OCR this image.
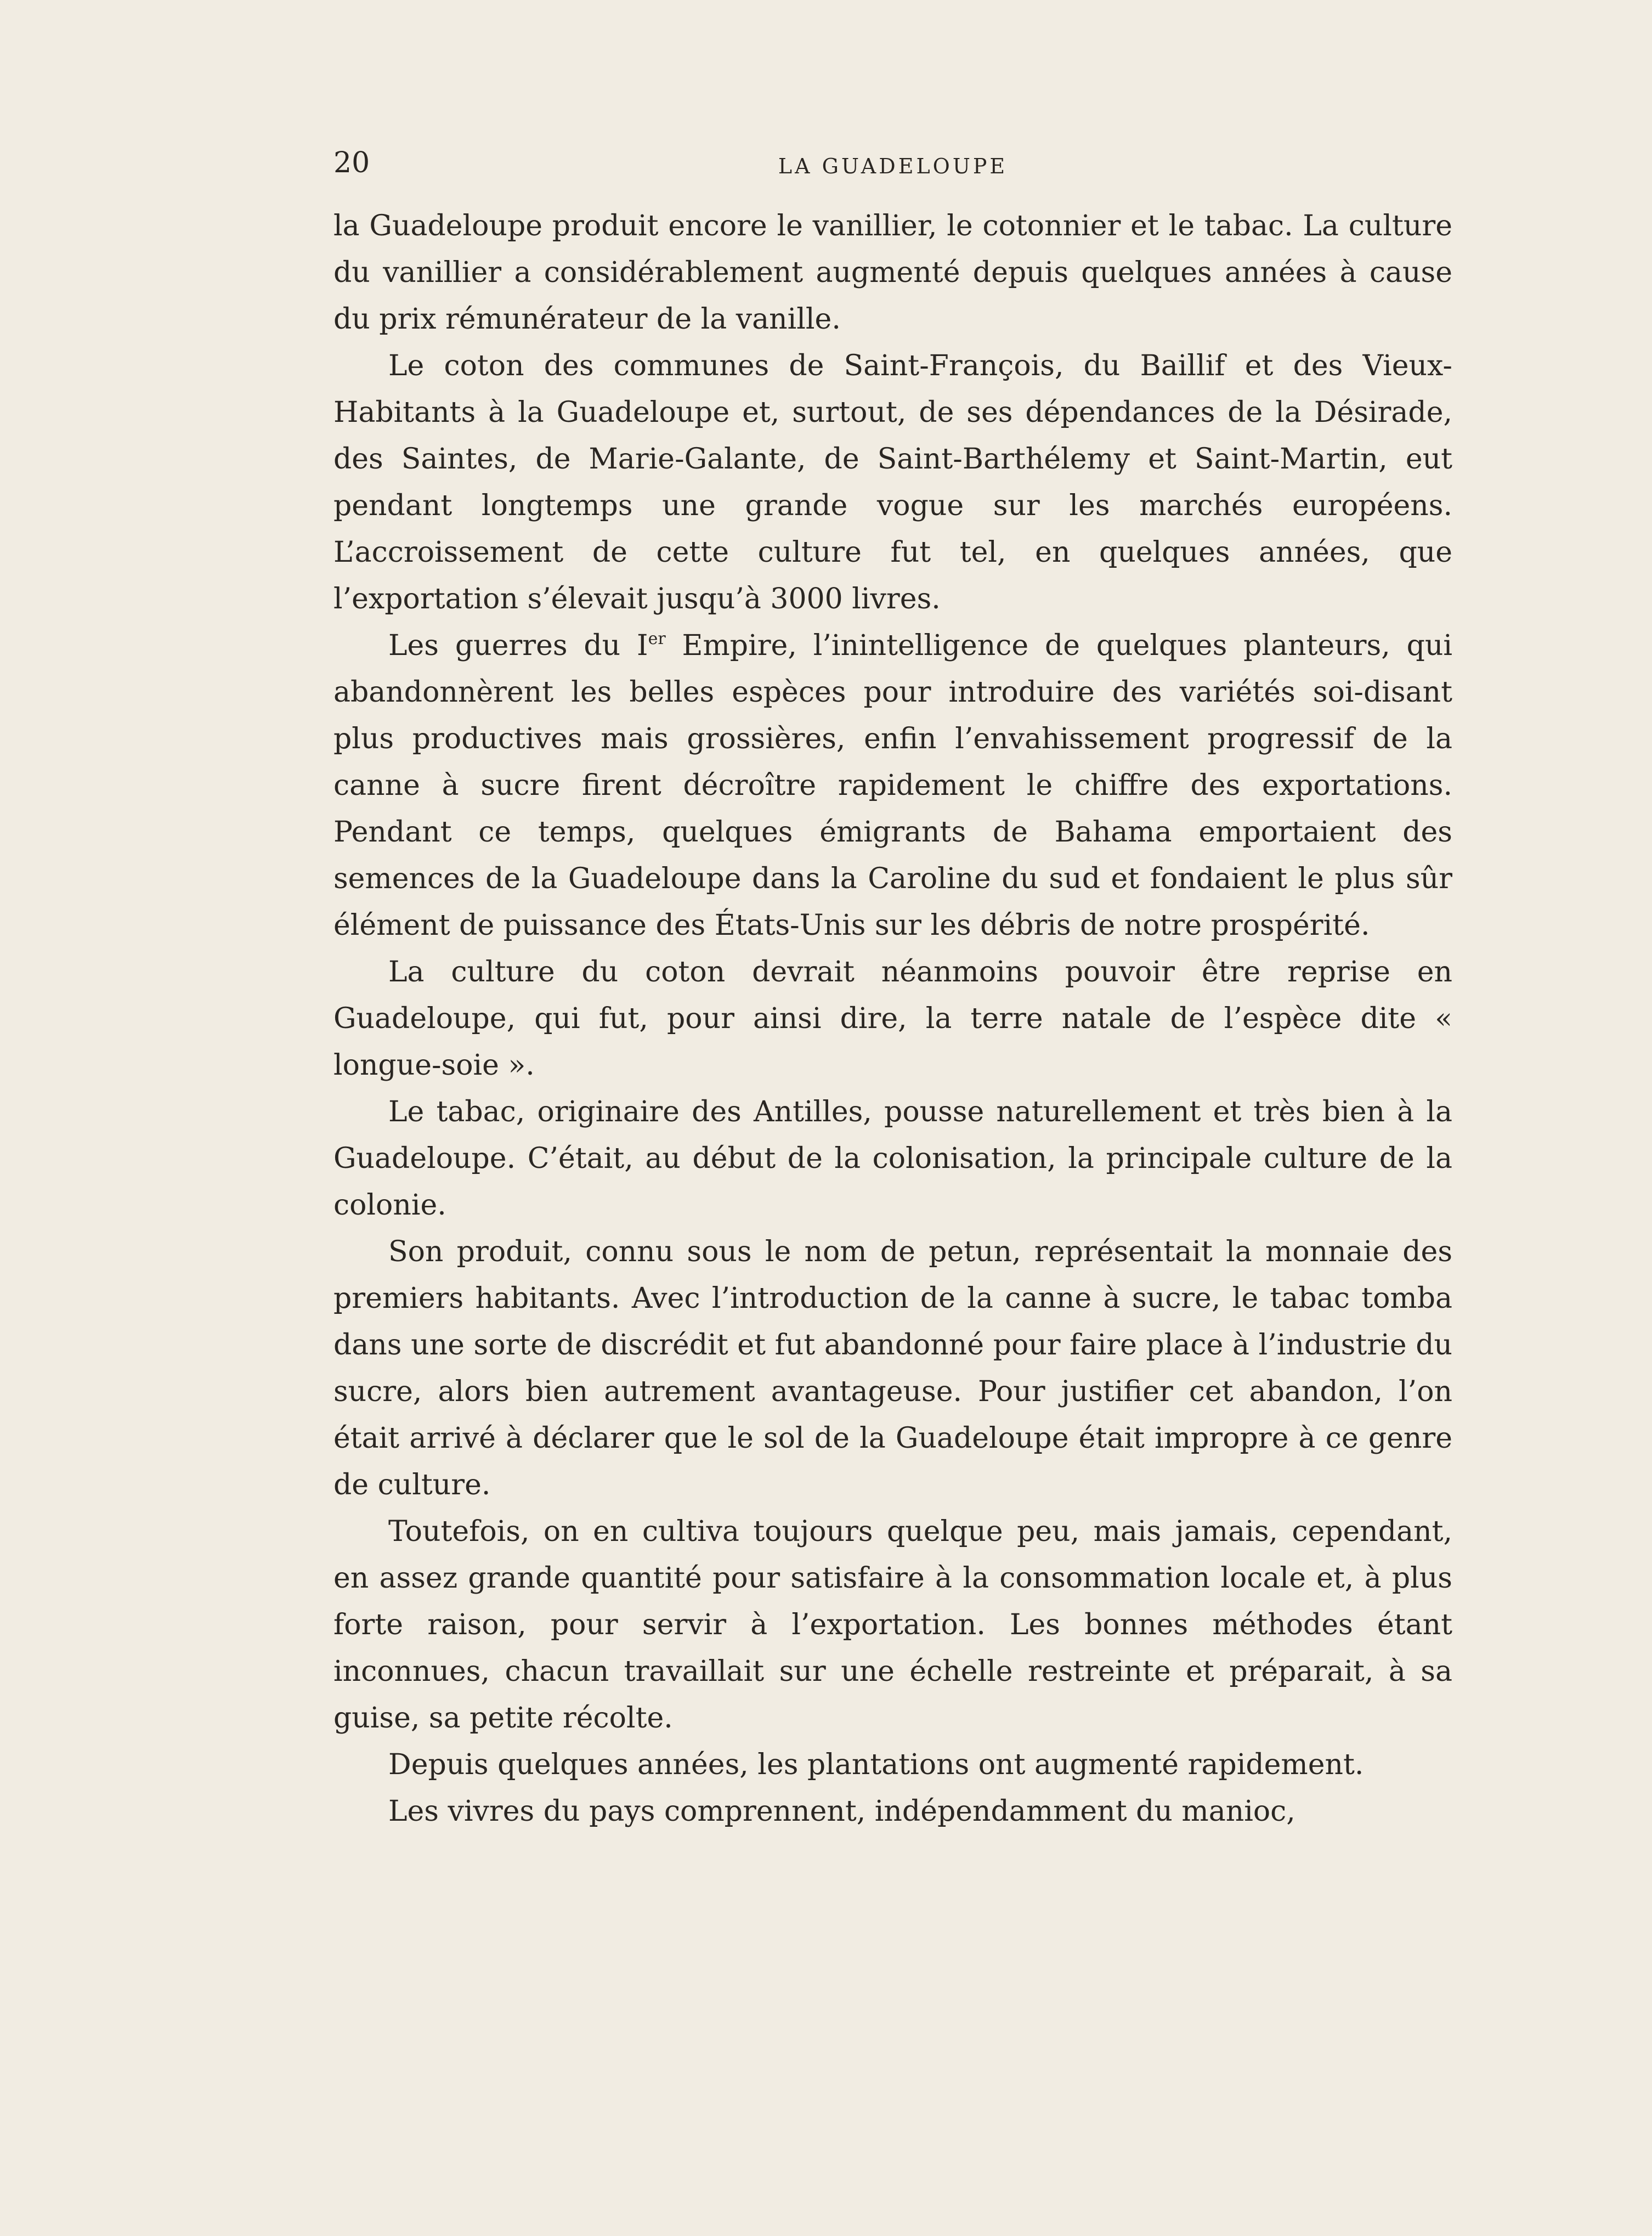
20	LA GUADELOUPE

la Guadeloupe produit encore le vanillier, le cotonnier et le tabac. La culture du vanillier a considérablement augmenté depuis quelques années à cause du prix rémunérateur de la vanille.

Le coton des communes de Saint-François, du Baillif et des Vieux-Habitants à la Guadeloupe et, surtout, de ses dépendances de la Désirade, des Saintes, de Marie-Galante, de Saint-Barthélemy et Saint-Martin, eut pendant longtemps une grande vogue sur les marchés européens. L’accroissement de cette culture fut tel, en quelques années, que l’exportation s’élevait jusqu’à 3000 livres.

Les guerres du Ier Empire, l’inintelligence de quelques planteurs, qui abandonnèrent les belles espèces pour introduire des variétés soi-disant plus productives mais grossières, enfin l’envahissement progressif de la canne à sucre firent décroître rapidement le chiffre des exportations. Pendant ce temps, quelques émigrants de Bahama emportaient des semences de la Guadeloupe dans la Caroline du sud et fondaient le plus sûr élément de puissance des États-Unis sur les débris de notre prospérité.

La culture du coton devrait néanmoins pouvoir être reprise en Guadeloupe, qui fut, pour ainsi dire, la terre natale de l’espèce dite « longue-soie ».

Le tabac, originaire des Antilles, pousse naturellement et très bien à la Guadeloupe. C’était, au début de la colonisation, la principale culture de la colonie.

Son produit, connu sous le nom de petun, représentait la monnaie des premiers habitants. Avec l’introduction de la canne à sucre, le tabac tomba dans une sorte de discrédit et fut abandonné pour faire place à l’industrie du sucre, alors bien autrement avantageuse. Pour justifier cet abandon, l’on était arrivé à déclarer que le sol de la Guadeloupe était impropre à ce genre de culture.

Toutefois, on en cultiva toujours quelque peu, mais jamais, cependant, en assez grande quantité pour satisfaire à la consommation locale et, à plus forte raison, pour servir à l’exportation. Les bonnes méthodes étant inconnues, chacun travaillait sur une échelle restreinte et préparait, à sa guise, sa petite récolte.

Depuis quelques années, les plantations ont augmenté rapidement.

Les vivres du pays comprennent, indépendamment du manioc,
